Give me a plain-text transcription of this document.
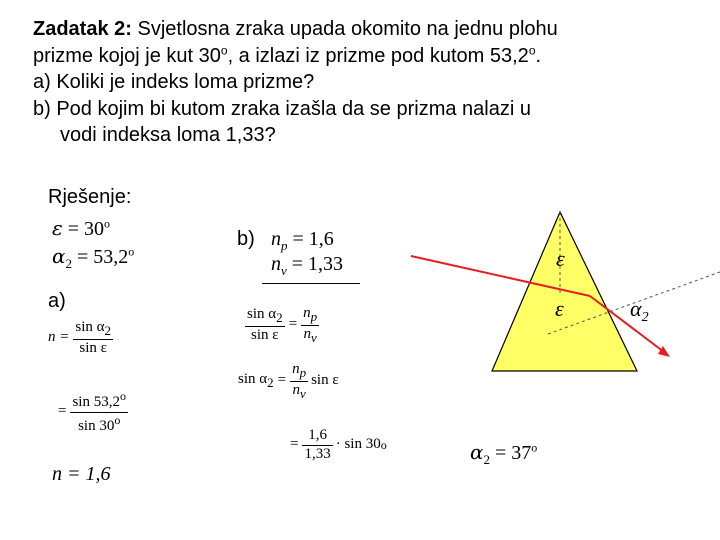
Zadatak 2: Svjetlosna zraka upada okomito na jednu plohu
prizme kojoj je kut 30$^o$, a izlazi iz prizme pod kutom 53,2$^o$.
a) Koliki je indeks loma prizme?
b) Pod kojim bi kutom zraka izašla da se prizma nalazi u
vodi indeksa loma 1,33?
Rješenje:
$\varepsilon = 30^o$
$\alpha_2 = 53,2^o$
a)
$n = \frac{\text{sin α2}}{\text{sin ε}}$
= $\frac{\sin 53,2^o}{\sin 30^o}$
n = 1,6
b) $n_p = 1,6$
$n_v = 1,33$
$\frac{\text{sin α2}}{\text{sin ε}} = \frac{np}{nv}$
$\sin \alpha 2 = \frac{np}{nv}$ sin ε
= $\frac{1,6}{1,33} \cdot \sin 30$ o	$\alpha_2 = 37^o$
ε
ε	$\alpha_2$
